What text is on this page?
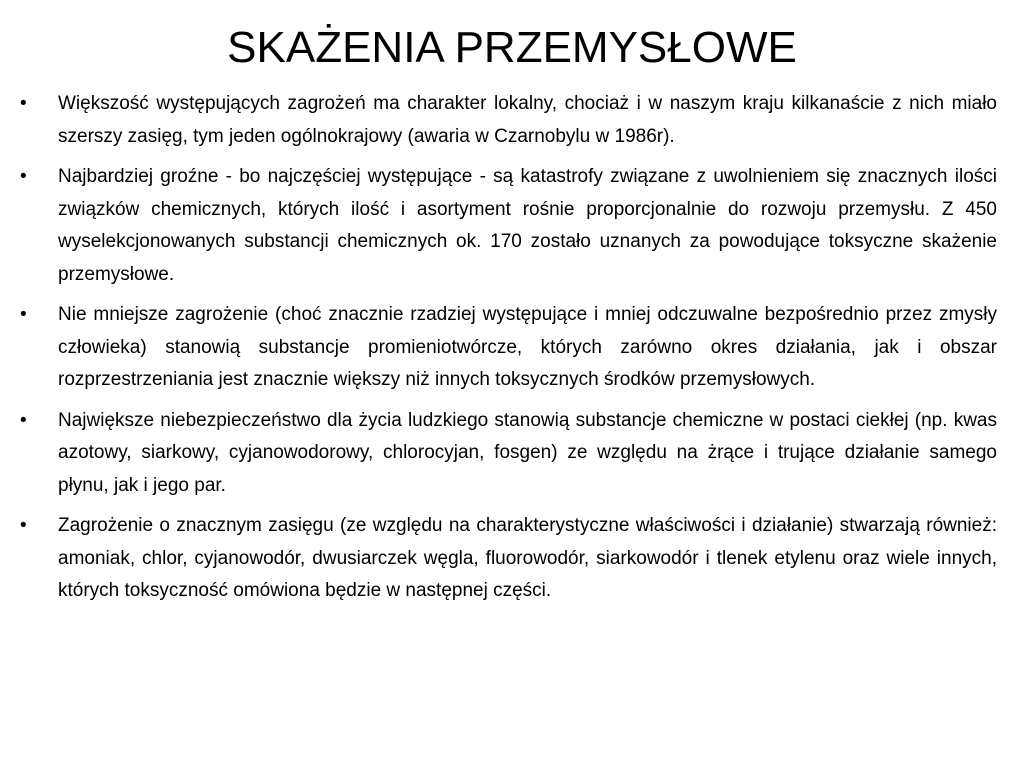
SKAŻENIA PRZEMYSŁOWE
•	Większość występujących zagrożeń ma charakter lokalny, chociaż i w naszym kraju kilkanaście z nich miało szerszy zasięg, tym jeden ogólnokrajowy (awaria w Czarnobylu w 1986r).
•	Najbardziej groźne - bo najczęściej występujące - są katastrofy związane z uwolnieniem się znacznych ilości związków chemicznych, których ilość i asortyment rośnie proporcjonalnie do rozwoju przemysłu. Z 450 wyselekcjonowanych substancji chemicznych ok. 170 zostało uznanych za powodujące toksyczne skażenie przemysłowe.
•	Nie mniejsze zagrożenie (choć znacznie rzadziej występujące i mniej odczuwalne bezpośrednio przez zmysły człowieka) stanowią substancje promieniotwórcze, których zarówno okres działania, jak i obszar rozprzestrzeniania jest znacznie większy niż innych toksycznych środków przemysłowych.
•	Największe niebezpieczeństwo dla życia ludzkiego stanowią substancje chemiczne w postaci ciekłej (np. kwas azotowy, siarkowy, cyjanowodorowy, chlorocyjan, fosgen) ze względu na żrące i trujące działanie samego płynu, jak i jego par.
•	Zagrożenie o znacznym zasięgu (ze względu na charakterystyczne właściwości i działanie) stwarzają również: amoniak, chlor, cyjanowodór, dwusiarczek węgla, fluorowodór, siarkowodór i tlenek etylenu oraz wiele innych, których toksyczność omówiona będzie w następnej części.
